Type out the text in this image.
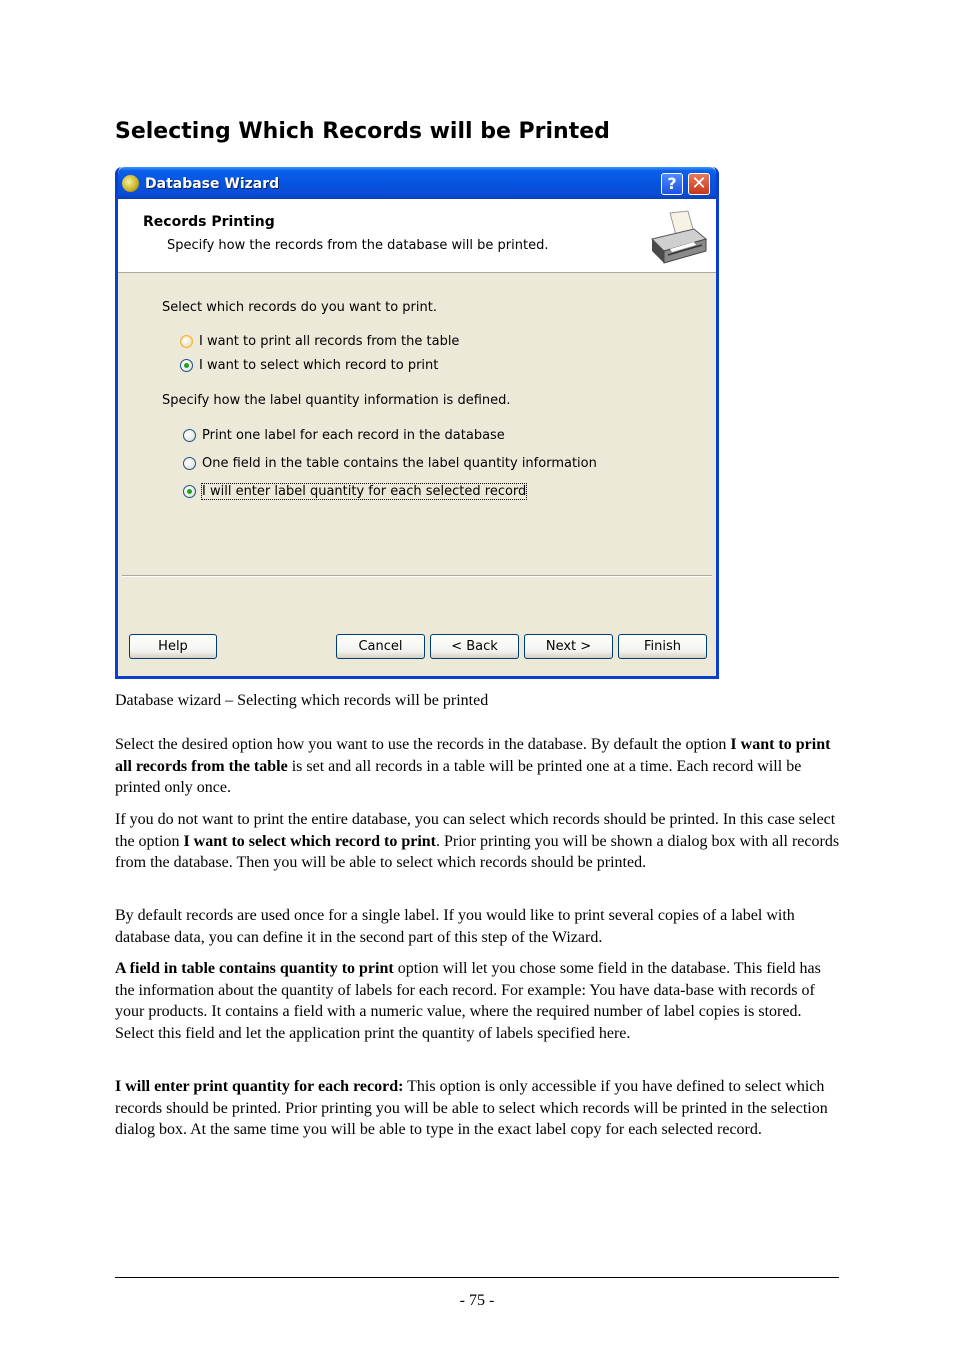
Selecting Which Records will be Printed
Database Wizard	? ✕
Records Printing
Specify how the records from the database will be printed.
Select which records do you want to print.
I want to print all records from the table
I want to select which record to print
Specify how the label quantity information is defined.
Print one label for each record in the database
One field in the table contains the label quantity information
I will enter label quantity for each selected record
Help	Cancel	< Back	Next >	Finish
Database wizard – Selecting which records will be printed

Select the desired option how you want to use the records in the database. By default the option I want to print all records from the table is set and all records in a table will be printed one at a time. Each record will be printed only once.

If you do not want to print the entire database, you can select which records should be printed. In this case select the option I want to select which record to print. Prior printing you will be shown a dialog box with all records from the database. Then you will be able to select which records should be printed.

By default records are used once for a single label. If you would like to print several copies of a label with database data, you can define it in the second part of this step of the Wizard.

A field in table contains quantity to print option will let you chose some field in the database. This field has the information about the quantity of labels for each record. For example: You have data-base with records of your products. It contains a field with a numeric value, where the required number of label copies is stored. Select this field and let the application print the quantity of labels specified here.

I will enter print quantity for each record: This option is only accessible if you have defined to select which records should be printed. Prior printing you will be able to select which records will be printed in the selection dialog box. At the same time you will be able to type in the exact label copy for each selected record.

- 75 -
